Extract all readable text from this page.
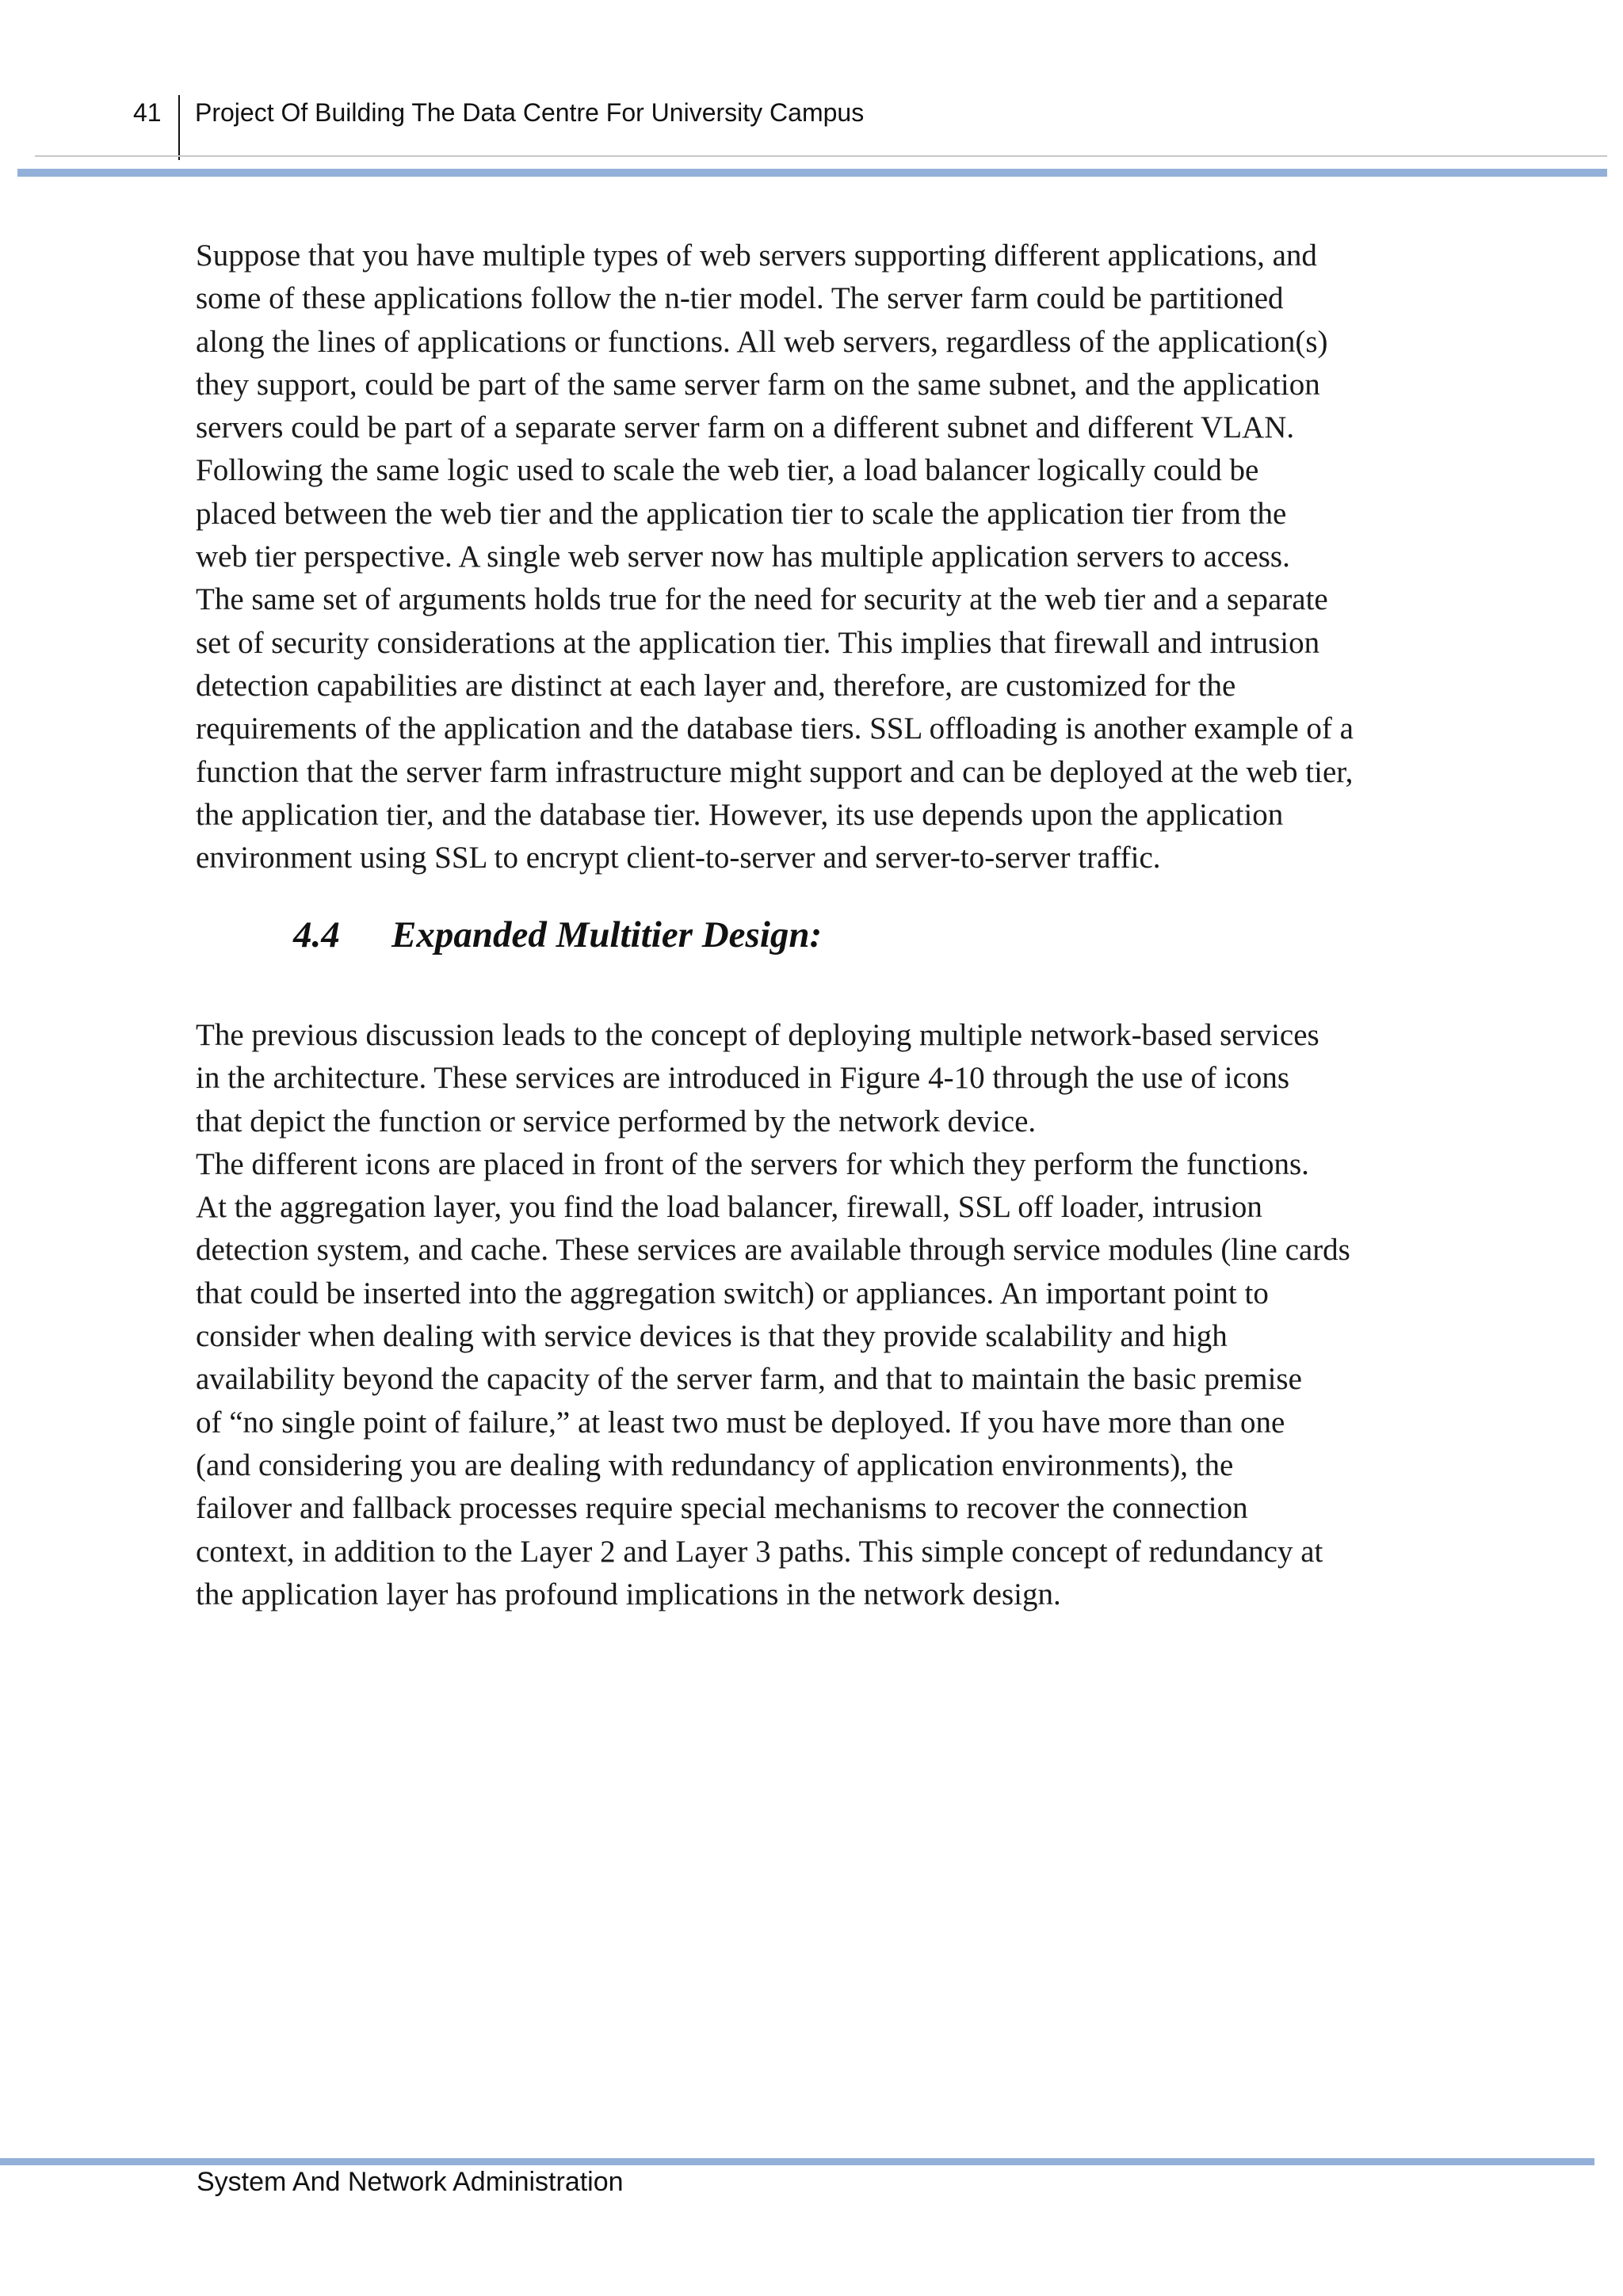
41 Project Of Building The Data Centre For University Campus
Suppose that you have multiple types of web servers supporting different applications, and
some of these applications follow the n-tier model. The server farm could be partitioned
along the lines of applications or functions. All web servers, regardless of the application(s)
they support, could be part of the same server farm on the same subnet, and the application
servers could be part of a separate server farm on a different subnet and different VLAN.
Following the same logic used to scale the web tier, a load balancer logically could be
placed between the web tier and the application tier to scale the application tier from the
web tier perspective. A single web server now has multiple application servers to access.
The same set of arguments holds true for the need for security at the web tier and a separate
set of security considerations at the application tier. This implies that firewall and intrusion
detection capabilities are distinct at each layer and, therefore, are customized for the
requirements of the application and the database tiers. SSL offloading is another example of a
function that the server farm infrastructure might support and can be deployed at the web tier,
the application tier, and the database tier. However, its use depends upon the application
environment using SSL to encrypt client-to-server and server-to-server traffic.
4.4 Expanded Multitier Design:
The previous discussion leads to the concept of deploying multiple network-based services
in the architecture. These services are introduced in Figure 4-10 through the use of icons
that depict the function or service performed by the network device.
The different icons are placed in front of the servers for which they perform the functions.
At the aggregation layer, you find the load balancer, firewall, SSL off loader, intrusion
detection system, and cache. These services are available through service modules (line cards
that could be inserted into the aggregation switch) or appliances. An important point to
consider when dealing with service devices is that they provide scalability and high
availability beyond the capacity of the server farm, and that to maintain the basic premise
of “no single point of failure,” at least two must be deployed. If you have more than one
(and considering you are dealing with redundancy of application environments), the
failover and fallback processes require special mechanisms to recover the connection
context, in addition to the Layer 2 and Layer 3 paths. This simple concept of redundancy at
the application layer has profound implications in the network design.
System And Network Administration
